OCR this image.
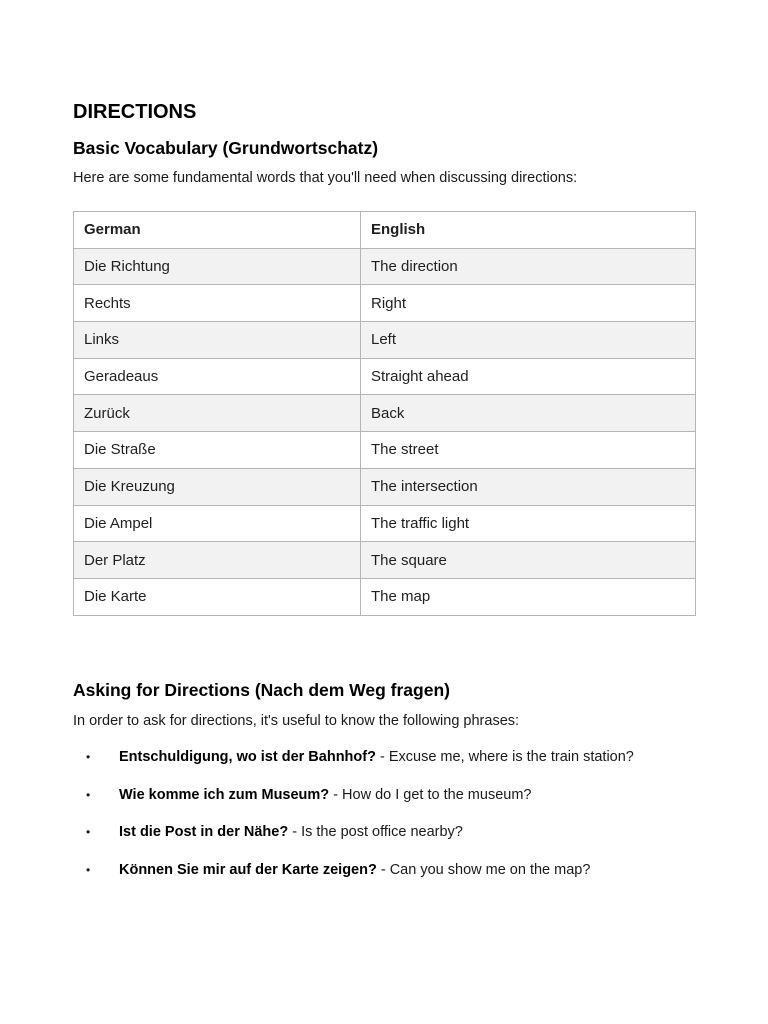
DIRECTIONS
Basic Vocabulary (Grundwortschatz)

Here are some fundamental words that you'll need when discussing directions:

German	English
Die Richtung	The direction
Rechts	Right
Links	Left
Geradeaus	Straight ahead
Zurück	Back
Die Straße	The street
Die Kreuzung	The intersection
Die Ampel	The traffic light
Der Platz	The square
Die Karte	The map
Asking for Directions (Nach dem Weg fragen)

In order to ask for directions, it's useful to know the following phrases:

• Entschuldigung, wo ist der Bahnhof? - Excuse me, where is the train station?
• Wie komme ich zum Museum? - How do I get to the museum?
• Ist die Post in der Nähe? - Is the post office nearby?
• Können Sie mir auf der Karte zeigen? - Can you show me on the map?
